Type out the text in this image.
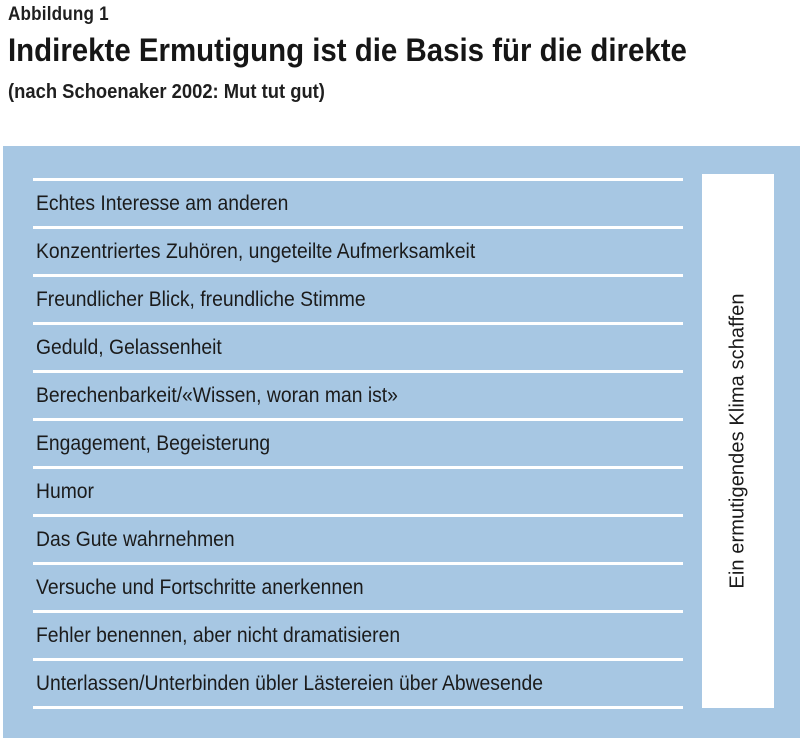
Abbildung 1
Indirekte Ermutigung ist die Basis für die direkte
(nach Schoenaker 2002: Mut tut gut)
Echtes Interesse am anderen
Konzentriertes Zuhören, ungeteilte Aufmerksamkeit
Freundlicher Blick, freundliche Stimme
Geduld, Gelassenheit
Berechenbarkeit/«Wissen, woran man ist»
Engagement, Begeisterung
Humor
Das Gute wahrnehmen
Versuche und Fortschritte anerkennen
Fehler benennen, aber nicht dramatisieren
Unterlassen/Unterbinden übler Lästereien über Abwesende
Ein ermutigendes Klima schaffen
